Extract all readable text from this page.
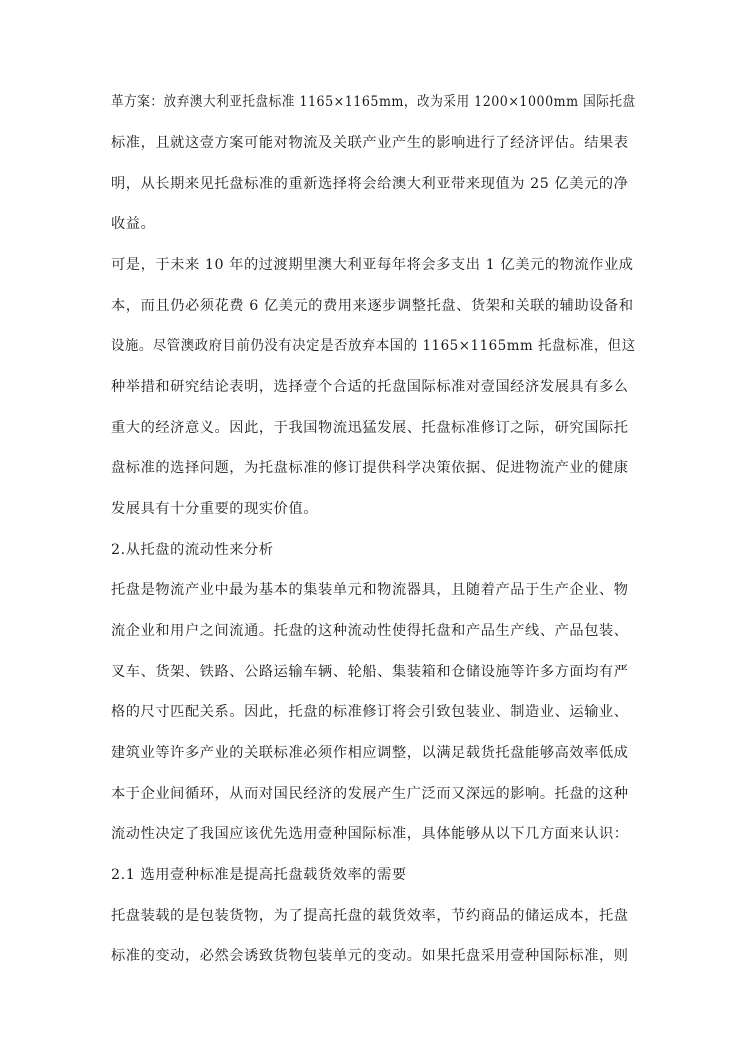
革方案：放弃澳大利亚托盘标准 1165×1165mm，改为采用 1200×1000mm 国际托盘
标准，且就这壹方案可能对物流及关联产业产生的影响进行了经济评估。结果表
明，从长期来见托盘标准的重新选择将会给澳大利亚带来现值为 25 亿美元的净
收益。
可是，于未来 10 年的过渡期里澳大利亚每年将会多支出 1 亿美元的物流作业成
本，而且仍必须花费 6 亿美元的费用来逐步调整托盘、货架和关联的辅助设备和
设施。尽管澳政府目前仍没有决定是否放弃本国的 1165×1165mm 托盘标准，但这
种举措和研究结论表明，选择壹个合适的托盘国际标准对壹国经济发展具有多么
重大的经济意义。因此，于我国物流迅猛发展、托盘标准修订之际，研究国际托
盘标准的选择问题，为托盘标准的修订提供科学决策依据、促进物流产业的健康
发展具有十分重要的现实价值。
2.从托盘的流动性来分析
托盘是物流产业中最为基本的集装单元和物流器具，且随着产品于生产企业、物
流企业和用户之间流通。托盘的这种流动性使得托盘和产品生产线、产品包装、
叉车、货架、铁路、公路运输车辆、轮船、集装箱和仓储设施等许多方面均有严
格的尺寸匹配关系。因此，托盘的标准修订将会引致包装业、制造业、运输业、
建筑业等许多产业的关联标准必须作相应调整，以满足载货托盘能够高效率低成
本于企业间循环，从而对国民经济的发展产生广泛而又深远的影响。托盘的这种
流动性决定了我国应该优先选用壹种国际标准，具体能够从以下几方面来认识：
2.1 选用壹种标准是提高托盘载货效率的需要
托盘装载的是包装货物，为了提高托盘的载货效率，节约商品的储运成本，托盘
标准的变动，必然会诱致货物包装单元的变动。如果托盘采用壹种国际标准，则
